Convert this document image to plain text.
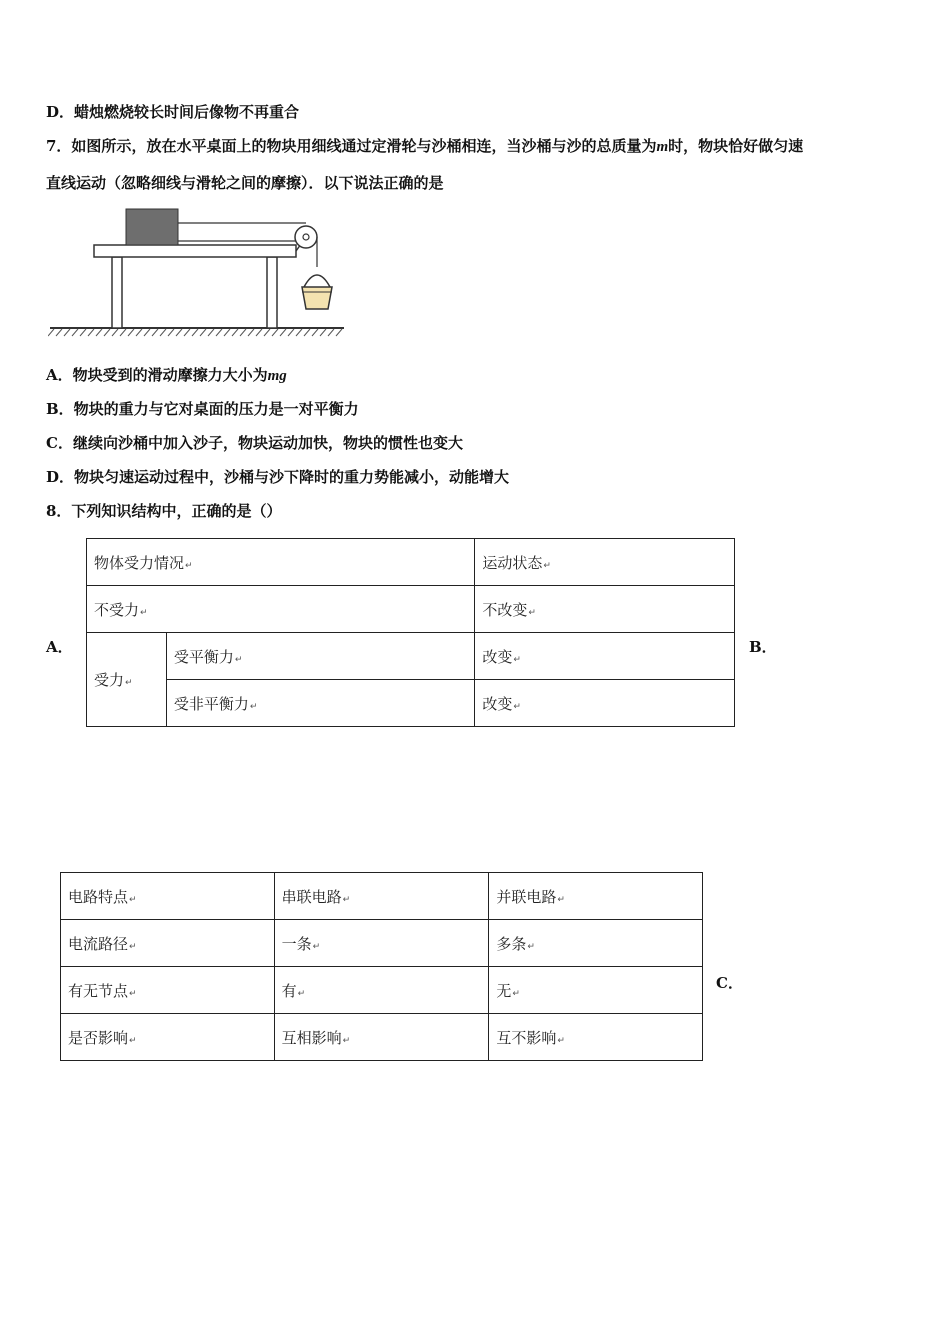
D．蜡烛燃烧较长时间后像物不再重合
7．如图所示，放在水平桌面上的物块用细线通过定滑轮与沙桶相连，当沙桶与沙的总质量为m时，物块恰好做匀速
直线运动（忽略细线与滑轮之间的摩擦）．以下说法正确的是
A．物块受到的滑动摩擦力大小为mg
B．物块的重力与它对桌面的压力是一对平衡力
C．继续向沙桶中加入沙子，物块运动加快，物块的惯性也变大
D．物块匀速运动过程中，沙桶与沙下降时的重力势能减小，动能增大
8．下列知识结构中，正确的是（）
A．
物体受力情况↵		运动状态↵
不受力↵		不改变↵
受力↵	受平衡力↵	改变↵
	受非平衡力↵	改变↵
B．
电路特点↵	串联电路↵	并联电路↵
电流路径↵	一条↵	多条↵
有无节点↵	有↵	无↵
是否影响↵	互相影响↵	互不影响↵
C．
